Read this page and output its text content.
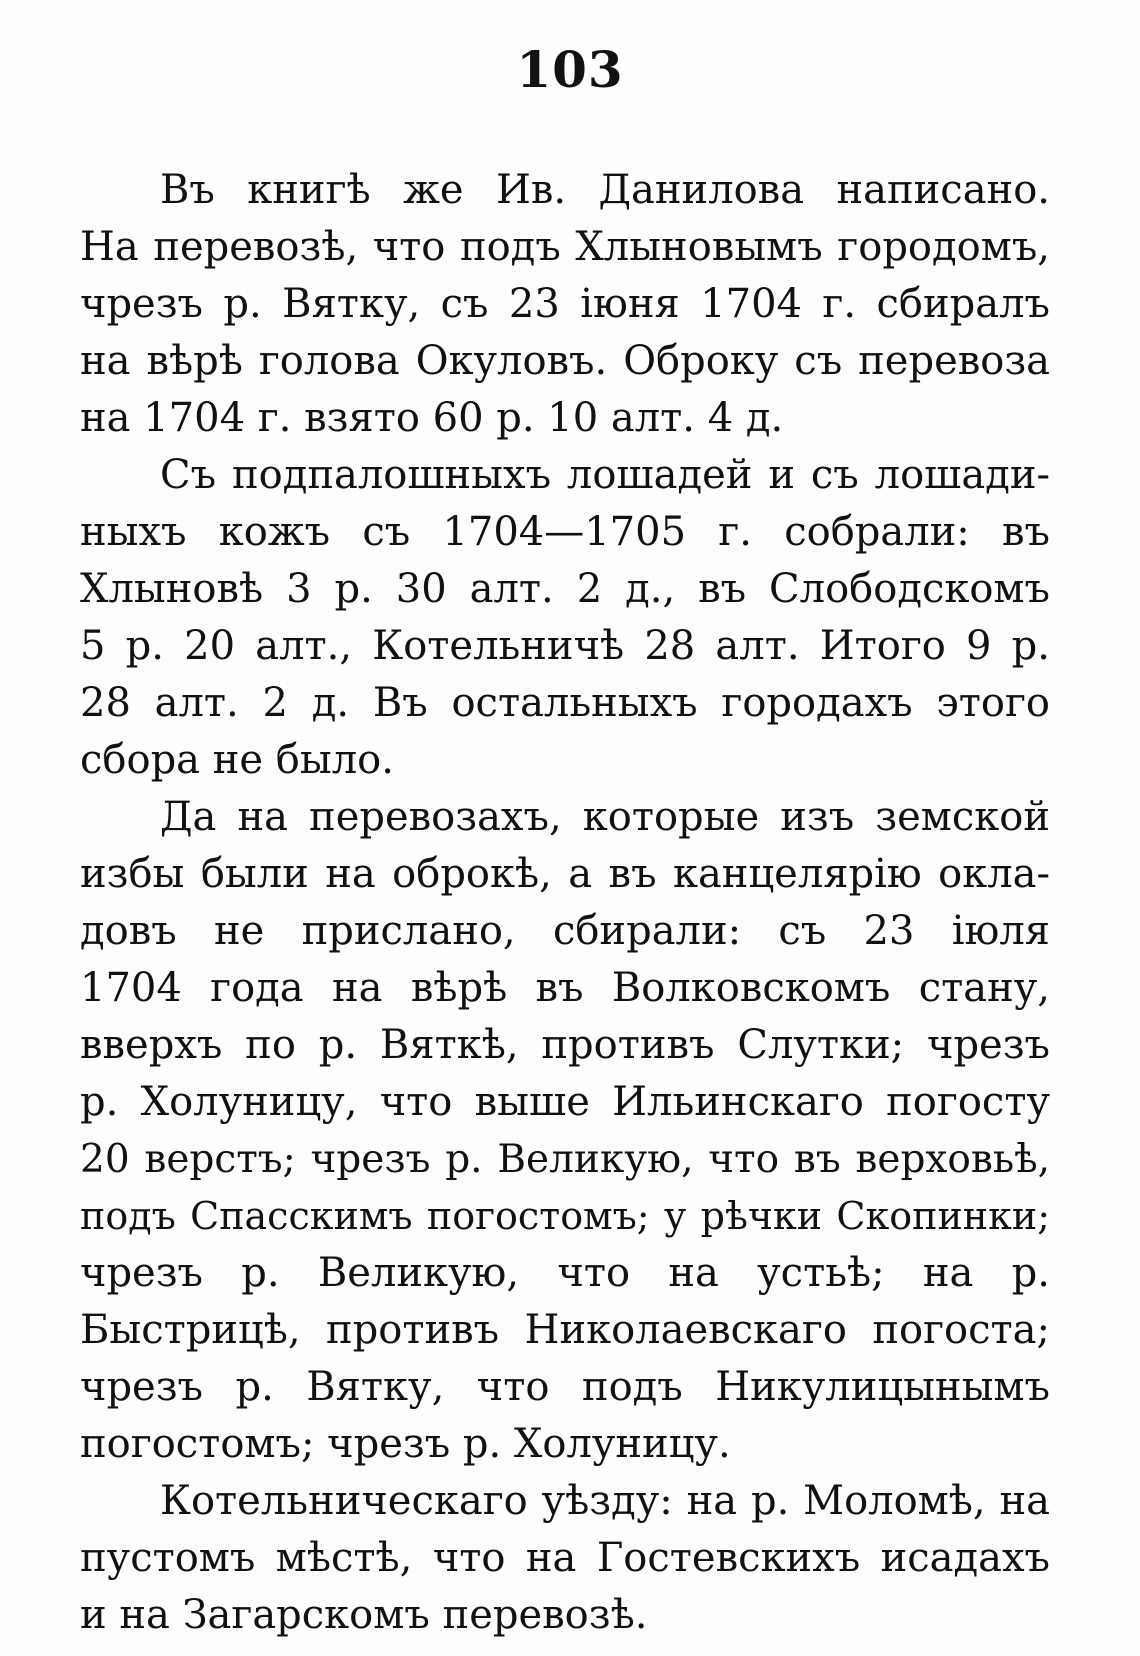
103
Въ книгѣ же Ив. Данилова написано.
На перевозѣ, что подъ Хлыновымъ городомъ,
чрезъ р. Вятку, съ 23 іюня 1704 г. сбиралъ
на вѣрѣ голова Окуловъ. Оброку съ перевоза
на 1704 г. взято 60 р. 10 алт. 4 д.
Съ подпалошныхъ лошадей и съ лошади-
ныхъ кожъ съ 1704—1705 г. собрали: въ
Хлыновѣ 3 р. 30 алт. 2 д., въ Слободскомъ
5 р. 20 алт., Котельничѣ 28 алт. Итого 9 р.
28 алт. 2 д. Въ остальныхъ городахъ этого
сбора не было.
Да на перевозахъ, которые изъ земской
избы были на оброкѣ, а въ канцелярію окла-
довъ не прислано, сбирали: съ 23 іюля
1704 года на вѣрѣ въ Волковскомъ стану,
вверхъ по р. Вяткѣ, противъ Слутки; чрезъ
р. Холуницу, что выше Ильинскаго погосту
20 верстъ; чрезъ р. Великую, что въ верховьѣ,
подъ Спасскимъ погостомъ; у рѣчки Скопинки;
чрезъ р. Великую, что на устьѣ; на р.
Быстрицѣ, противъ Николаевскаго погоста;
чрезъ р. Вятку, что подъ Никулицынымъ
погостомъ; чрезъ р. Холуницу.
Котельническаго уѣзду: на р. Моломѣ, на
пустомъ мѣстѣ, что на Гостевскихъ исадахъ
и на Загарскомъ перевозѣ.
